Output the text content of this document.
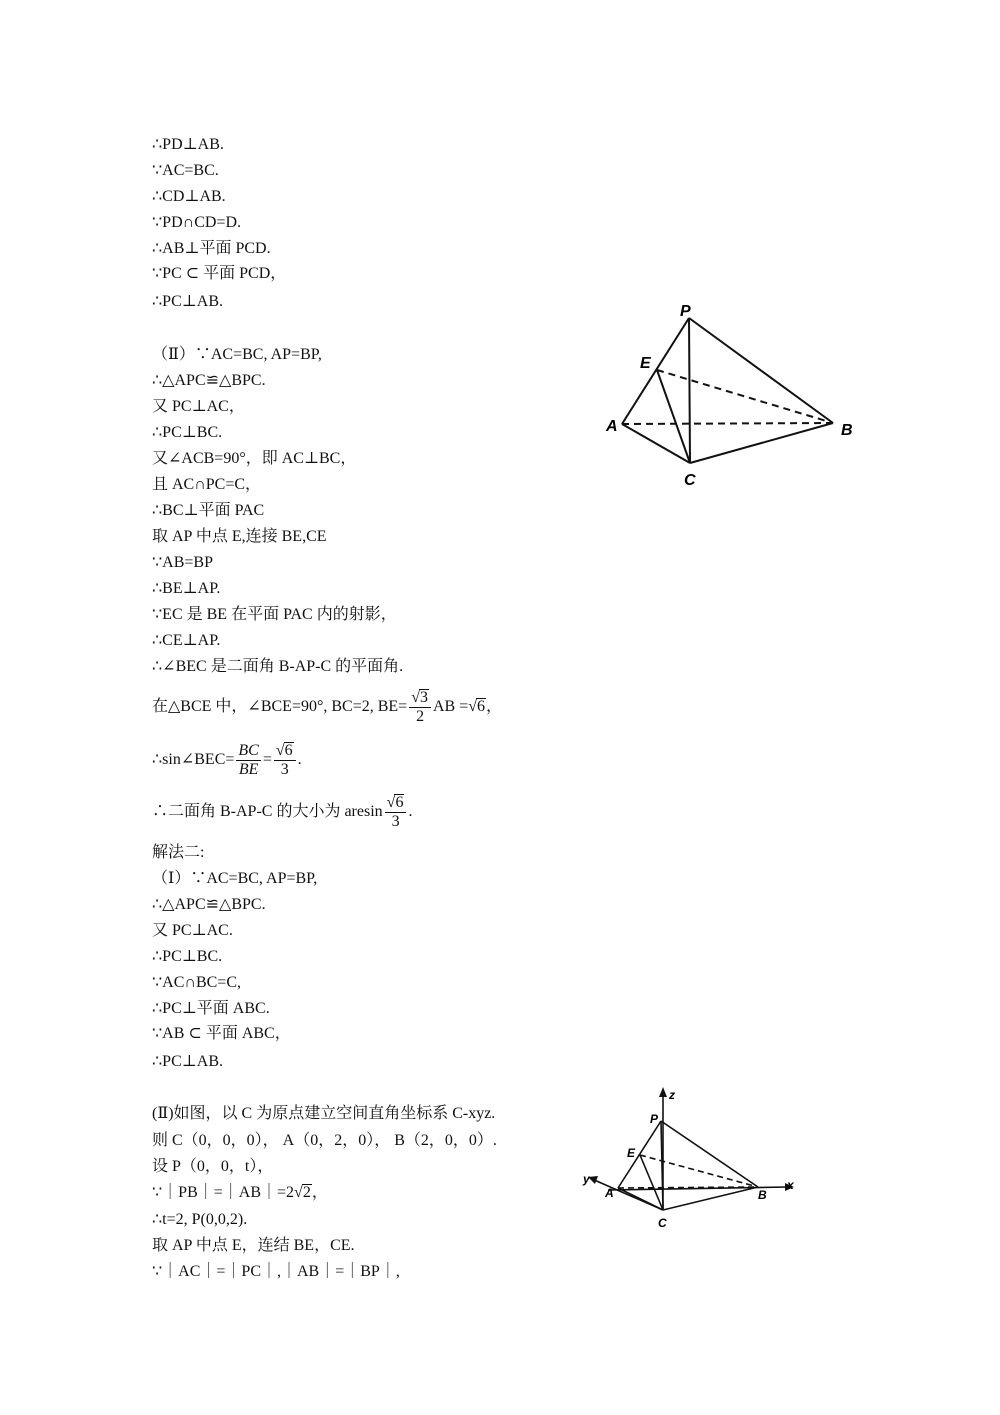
∴PD⊥AB.
∵AC=BC.
∴CD⊥AB.
∵PD∩CD=D.
∴AB⊥平面 PCD.
∵PC ⊂ 平面 PCD，
∴PC⊥AB.
（Ⅱ）∵AC=BC, AP=BP,
∴△APC≌△BPC.
又 PC⊥AC，
∴PC⊥BC.
又∠ACB=90°，即 AC⊥BC，
且 AC∩PC=C，
∴BC⊥平面 PAC
取 AP 中点 E,连接 BE,CE
∵AB=BP
∴BE⊥AP.
∵EC 是 BE 在平面 PAC 内的射影，
∴CE⊥AP.
∴∠BEC 是二面角 B-AP-C 的平面角.
在△BCE 中，∠BCE=90°, BC=2, $BE= \frac{√3}{2}$ AB =√6，
∴sin∠BEC= $\frac{BC}{BE} = \frac{√6}{3}$ .
∴二面角 B-AP-C 的大小为 aresin $\frac{√6}{3}$ .
解法二:
（Ⅰ）∵AC=BC, AP=BP,
∴△APC≌△BPC.
又 PC⊥AC.
∴PC⊥BC.
∵AC∩BC=C,
∴PC⊥平面 ABC.
∵AB ⊂ 平面 ABC，
∴PC⊥AB.
(Ⅱ)如图，以 C 为原点建立空间直角坐标系 C-xyz.
则 C（0，0，0）， A（0，2，0）， B（2，0，0）.
设 P（0，0，t），
∵｜PB｜=｜AB｜=2√2，
∴t=2, P(0,0,2).
取 AP 中点 E，连结 BE，CE.
∵｜AC｜=｜PC｜,｜AB｜=｜BP｜,
P
E
A	B
C
z
P
E
y
A	B
x
C
